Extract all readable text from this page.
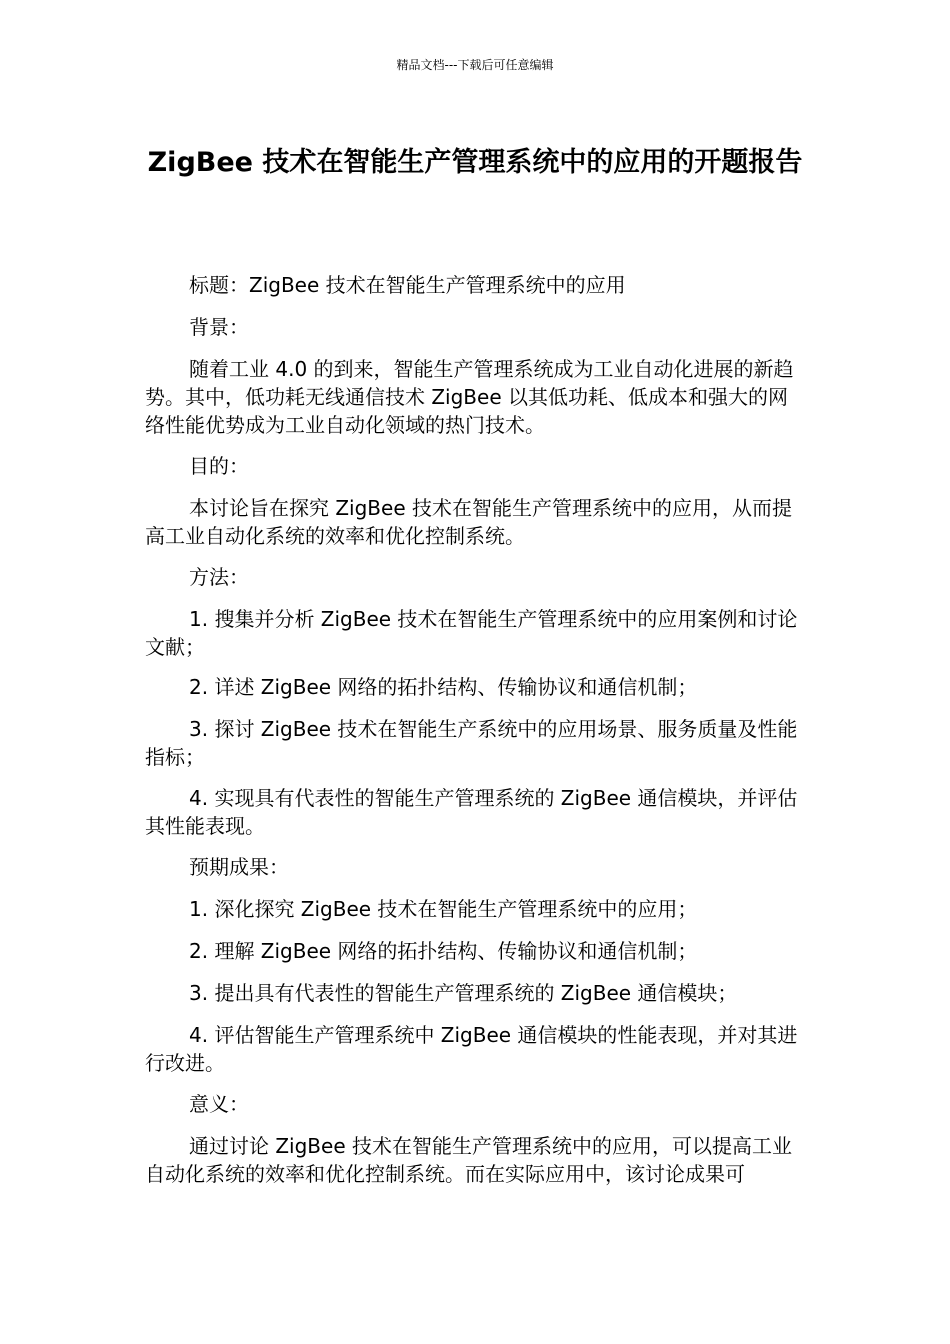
精品文档---下载后可任意编辑
ZigBee 技术在智能生产管理系统中的应用的开题报告

标题：ZigBee 技术在智能生产管理系统中的应用

背景：

随着工业 4.0 的到来，智能生产管理系统成为工业自动化进展的新趋势。其中，低功耗无线通信技术 ZigBee 以其低功耗、低成本和强大的网络性能优势成为工业自动化领域的热门技术。

目的：

本讨论旨在探究 ZigBee 技术在智能生产管理系统中的应用，从而提高工业自动化系统的效率和优化控制系统。

方法：

1. 搜集并分析 ZigBee 技术在智能生产管理系统中的应用案例和讨论文献；

2. 详述 ZigBee 网络的拓扑结构、传输协议和通信机制；

3. 探讨 ZigBee 技术在智能生产系统中的应用场景、服务质量及性能指标；

4. 实现具有代表性的智能生产管理系统的 ZigBee 通信模块，并评估其性能表现。

预期成果：

1. 深化探究 ZigBee 技术在智能生产管理系统中的应用；

2. 理解 ZigBee 网络的拓扑结构、传输协议和通信机制；

3. 提出具有代表性的智能生产管理系统的 ZigBee 通信模块；

4. 评估智能生产管理系统中 ZigBee 通信模块的性能表现，并对其进行改进。

意义：

通过讨论 ZigBee 技术在智能生产管理系统中的应用，可以提高工业自动化系统的效率和优化控制系统。而在实际应用中，该讨论成果可
